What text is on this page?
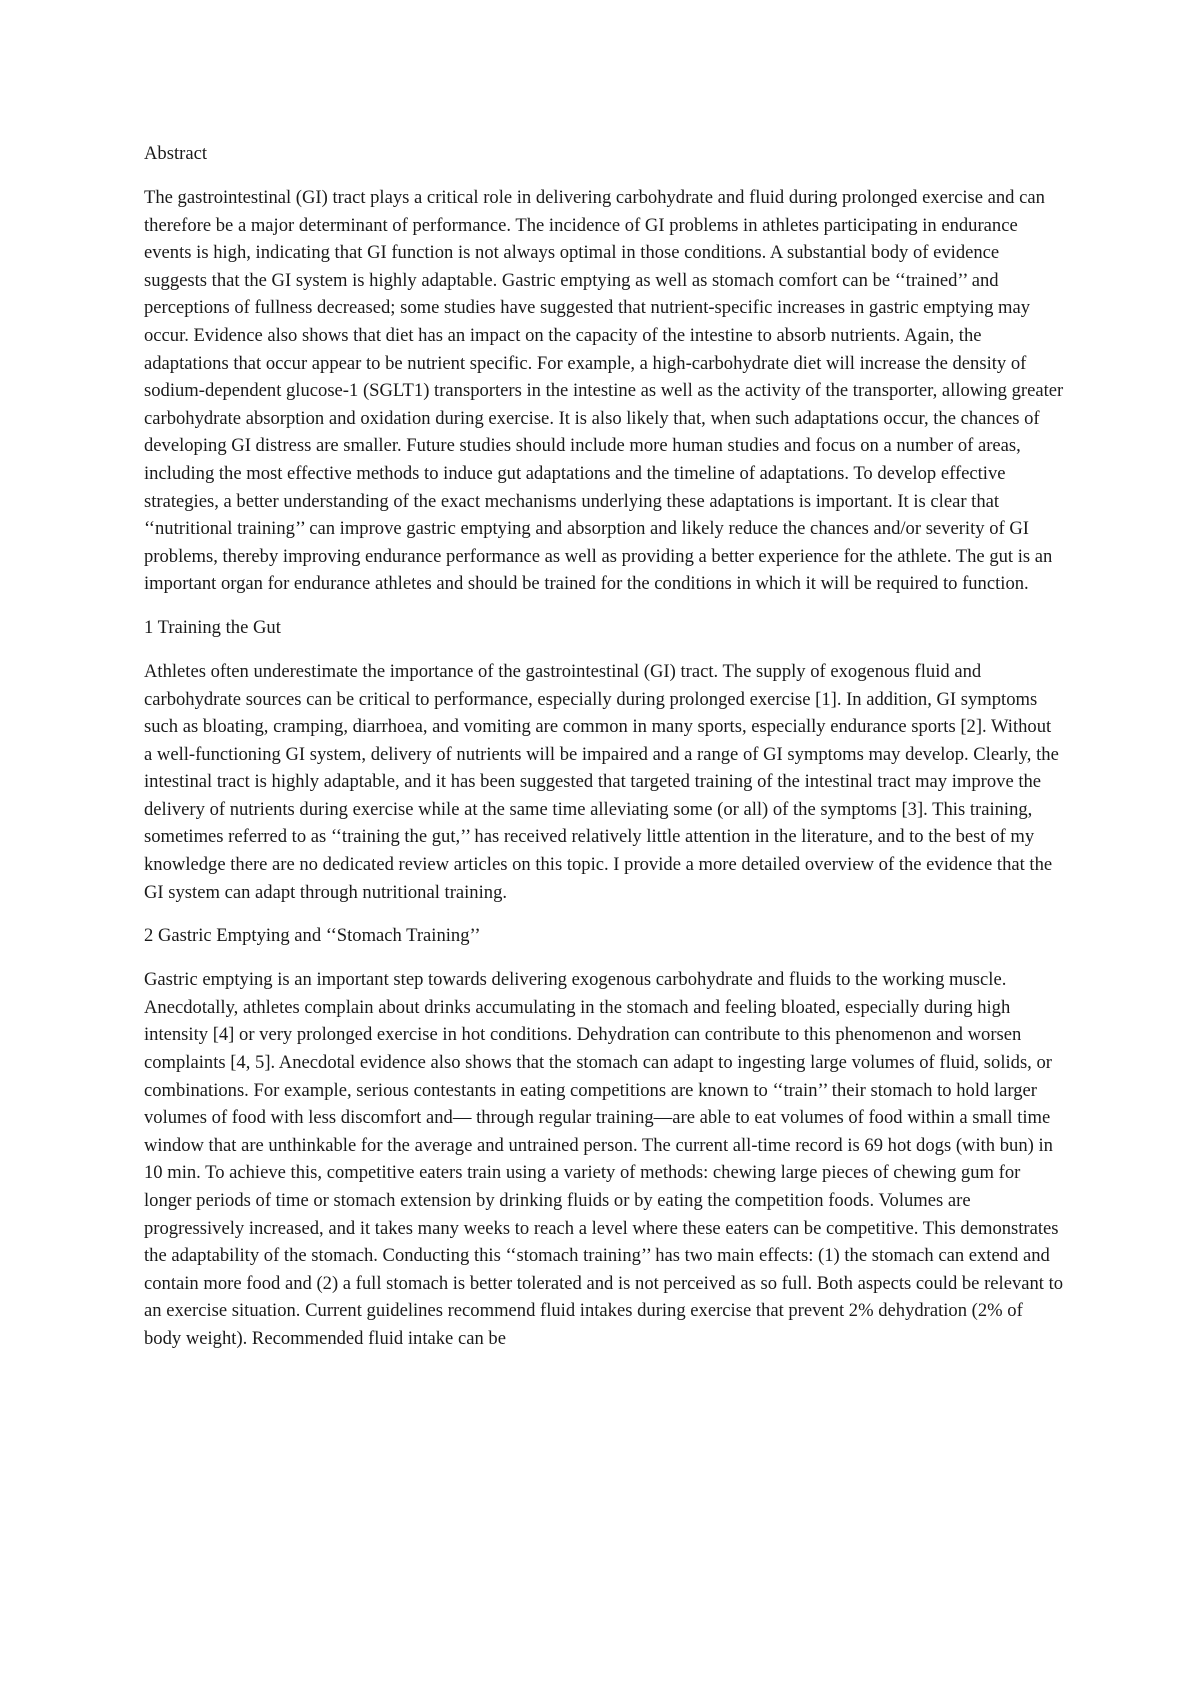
Abstract

The gastrointestinal (GI) tract plays a critical role in delivering carbohydrate and fluid during prolonged exercise and can therefore be a major determinant of performance. The incidence of GI problems in athletes participating in endurance events is high, indicating that GI function is not always optimal in those conditions. A substantial body of evidence suggests that the GI system is highly adaptable. Gastric emptying as well as stomach comfort can be ‘‘trained’’ and perceptions of fullness decreased; some studies have suggested that nutrient-specific increases in gastric emptying may occur. Evidence also shows that diet has an impact on the capacity of the intestine to absorb nutrients. Again, the adaptations that occur appear to be nutrient specific. For example, a high-carbohydrate diet will increase the density of sodium-dependent glucose-1 (SGLT1) transporters in the intestine as well as the activity of the transporter, allowing greater carbohydrate absorption and oxidation during exercise. It is also likely that, when such adaptations occur, the chances of developing GI distress are smaller. Future studies should include more human studies and focus on a number of areas, including the most effective methods to induce gut adaptations and the timeline of adaptations. To develop effective strategies, a better understanding of the exact mechanisms underlying these adaptations is important. It is clear that ‘‘nutritional training’’ can improve gastric emptying and absorption and likely reduce the chances and/or severity of GI problems, thereby improving endurance performance as well as providing a better experience for the athlete. The gut is an important organ for endurance athletes and should be trained for the conditions in which it will be required to function.

1 Training the Gut

Athletes often underestimate the importance of the gastrointestinal (GI) tract. The supply of exogenous fluid and carbohydrate sources can be critical to performance, especially during prolonged exercise [1]. In addition, GI symptoms such as bloating, cramping, diarrhoea, and vomiting are common in many sports, especially endurance sports [2]. Without a well-functioning GI system, delivery of nutrients will be impaired and a range of GI symptoms may develop. Clearly, the intestinal tract is highly adaptable, and it has been suggested that targeted training of the intestinal tract may improve the delivery of nutrients during exercise while at the same time alleviating some (or all) of the symptoms [3]. This training, sometimes referred to as ‘‘training the gut,’’ has received relatively little attention in the literature, and to the best of my knowledge there are no dedicated review articles on this topic. I provide a more detailed overview of the evidence that the GI system can adapt through nutritional training.

2 Gastric Emptying and ‘‘Stomach Training’’

Gastric emptying is an important step towards delivering exogenous carbohydrate and fluids to the working muscle. Anecdotally, athletes complain about drinks accumulating in the stomach and feeling bloated, especially during high intensity [4] or very prolonged exercise in hot conditions. Dehydration can contribute to this phenomenon and worsen complaints [4, 5]. Anecdotal evidence also shows that the stomach can adapt to ingesting large volumes of fluid, solids, or combinations. For example, serious contestants in eating competitions are known to ‘‘train’’ their stomach to hold larger volumes of food with less discomfort and— through regular training—are able to eat volumes of food within a small time window that are unthinkable for the average and untrained person. The current all-time record is 69 hot dogs (with bun) in 10 min. To achieve this, competitive eaters train using a variety of methods: chewing large pieces of chewing gum for longer periods of time or stomach extension by drinking fluids or by eating the competition foods. Volumes are progressively increased, and it takes many weeks to reach a level where these eaters can be competitive. This demonstrates the adaptability of the stomach. Conducting this ‘‘stomach training’’ has two main effects: (1) the stomach can extend and contain more food and (2) a full stomach is better tolerated and is not perceived as so full. Both aspects could be relevant to an exercise situation. Current guidelines recommend fluid intakes during exercise that prevent 2% dehydration (2% of body weight). Recommended fluid intake can be
